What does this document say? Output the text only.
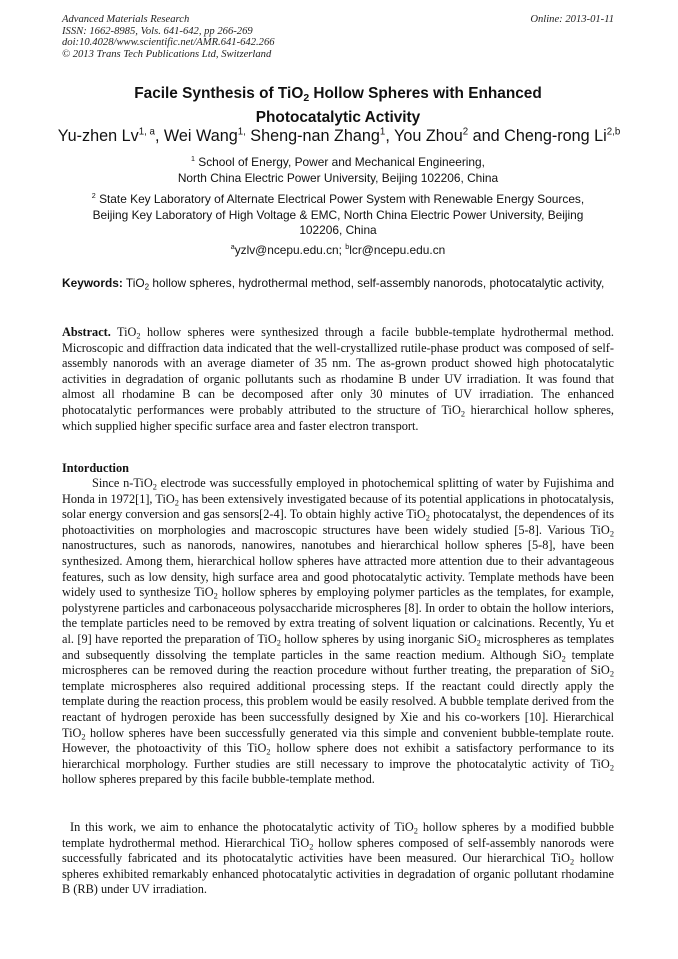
Advanced Materials Research
ISSN: 1662-8985, Vols. 641-642, pp 266-269
doi:10.4028/www.scientific.net/AMR.641-642.266
© 2013 Trans Tech Publications Ltd, Switzerland
Online: 2013-01-11
Facile Synthesis of TiO$_2$ Hollow Spheres with Enhanced
Photocatalytic Activity
Yu-zhen Lv$^{1, a}$, Wei Wang$^{1,}$ Sheng-nan Zhang$^1$, You Zhou$^2$ and Cheng-rong Li$^{2,b}$
$^1$ School of Energy, Power and Mechanical Engineering,
North China Electric Power University, Beijing 102206, China
$^2$ State Key Laboratory of Alternate Electrical Power System with Renewable Energy Sources,
Beijing Key Laboratory of High Voltage & EMC, North China Electric Power University, Beijing
102206, China
$^a$yzlv@ncepu.edu.cn; $^b$lcr@ncepu.edu.cn
Keywords: TiO$_2$ hollow spheres, hydrothermal method, self-assembly nanorods, photocatalytic activity,
Abstract. TiO$_2$ hollow spheres were synthesized through a facile bubble-template hydrothermal method. Microscopic and diffraction data indicated that the well-crystallized rutile-phase product was composed of self-assembly nanorods with an average diameter of 35 nm. The as-grown product showed high photocatalytic activities in degradation of organic pollutants such as rhodamine B under UV irradiation. It was found that almost all rhodamine B can be decomposed after only 30 minutes of UV irradiation. The enhanced photocatalytic performances were probably attributed to the structure of TiO$_2$ hierarchical hollow spheres, which supplied higher specific surface area and faster electron transport.
Intorduction
Since n-TiO$_2$ electrode was successfully employed in photochemical splitting of water by Fujishima and Honda in 1972[1], TiO$_2$ has been extensively investigated because of its potential applications in photocatalysis, solar energy conversion and gas sensors[2-4]. To obtain highly active TiO$_2$ photocatalyst, the dependences of its photoactivities on morphologies and macroscopic structures have been widely studied [5-8]. Various TiO$_2$ nanostructures, such as nanorods, nanowires, nanotubes and hierarchical hollow spheres [5-8], have been synthesized. Among them, hierarchical hollow spheres have attracted more attention due to their advantageous features, such as low density, high surface area and good photocatalytic activity. Template methods have been widely used to synthesize TiO$_2$ hollow spheres by employing polymer particles as the templates, for example, polystyrene particles and carbonaceous polysaccharide microspheres [8]. In order to obtain the hollow interiors, the template particles need to be removed by extra treating of solvent liquation or calcinations. Recently, Yu et al. [9] have reported the preparation of TiO$_2$ hollow spheres by using inorganic SiO$_2$ microspheres as templates and subsequently dissolving the template particles in the same reaction medium. Although SiO$_2$ template microspheres can be removed during the reaction procedure without further treating, the preparation of SiO$_2$ template microspheres also required additional processing steps. If the reactant could directly apply the template during the reaction process, this problem would be easily resolved. A bubble template derived from the reactant of hydrogen peroxide has been successfully designed by Xie and his co-workers [10]. Hierarchical TiO$_2$ hollow spheres have been successfully generated via this simple and convenient bubble-template route. However, the photoactivity of this TiO$_2$ hollow sphere does not exhibit a satisfactory performance to its hierarchical morphology. Further studies are still necessary to improve the photocatalytic activity of TiO$_2$ hollow spheres prepared by this facile bubble-template method.
In this work, we aim to enhance the photocatalytic activity of TiO$_2$ hollow spheres by a modified bubble template hydrothermal method. Hierarchical TiO$_2$ hollow spheres composed of self-assembly nanorods were successfully fabricated and its photocatalytic activities have been measured. Our hierarchical TiO$_2$ hollow spheres exhibited remarkably enhanced photocatalytic activities in degradation of organic pollutant rhodamine B (RB) under UV irradiation.
